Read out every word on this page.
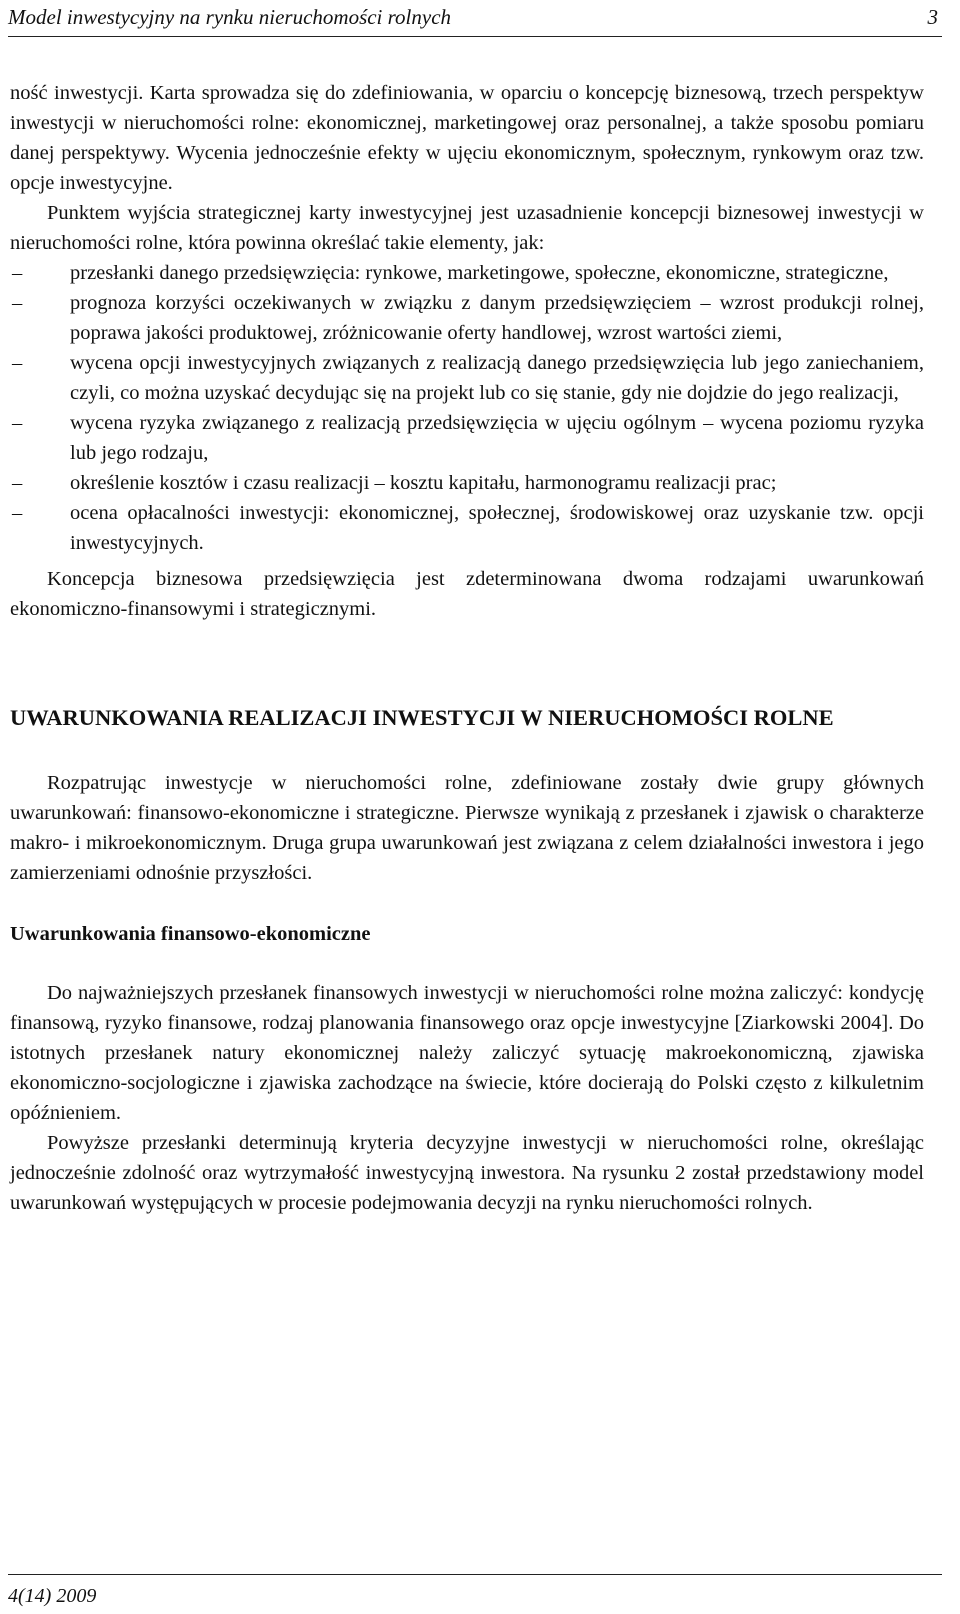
Model inwestycyjny na rynku nieruchomości rolnych	3

ność inwestycji. Karta sprowadza się do zdefiniowania, w oparciu o koncepcję biznesową, trzech perspektyw inwestycji w nieruchomości rolne: ekonomicznej, marketingowej oraz personalnej, a także sposobu pomiaru danej perspektywy. Wycenia jednocześnie efekty w ujęciu ekonomicznym, społecznym, rynkowym oraz tzw. opcje inwestycyjne.

Punktem wyjścia strategicznej karty inwestycyjnej jest uzasadnienie koncepcji biznesowej inwestycji w nieruchomości rolne, która powinna określać takie elementy, jak:

–	przesłanki danego przedsięwzięcia: rynkowe, marketingowe, społeczne, ekonomiczne, strategiczne,
–	prognoza korzyści oczekiwanych w związku z danym przedsięwzięciem – wzrost produkcji rolnej, poprawa jakości produktowej, zróżnicowanie oferty handlowej, wzrost wartości ziemi,
–	wycena opcji inwestycyjnych związanych z realizacją danego przedsięwzięcia lub jego zaniechaniem, czyli, co można uzyskać decydując się na projekt lub co się stanie, gdy nie dojdzie do jego realizacji,
–	wycena ryzyka związanego z realizacją przedsięwzięcia w ujęciu ogólnym – wycena poziomu ryzyka lub jego rodzaju,
–	określenie kosztów i czasu realizacji – kosztu kapitału, harmonogramu realizacji prac;
–	ocena opłacalności inwestycji: ekonomicznej, społecznej, środowiskowej oraz uzyskanie tzw. opcji inwestycyjnych.

Koncepcja biznesowa przedsięwzięcia jest zdeterminowana dwoma rodzajami uwarunkowań ekonomiczno-finansowymi i strategicznymi.

UWARUNKOWANIA REALIZACJI INWESTYCJI W NIERUCHOMOŚCI ROLNE

Rozpatrując inwestycje w nieruchomości rolne, zdefiniowane zostały dwie grupy głównych uwarunkowań: finansowo-ekonomiczne i strategiczne. Pierwsze wynikają z przesłanek i zjawisk o charakterze makro- i mikroekonomicznym. Druga grupa uwarunkowań jest związana z celem działalności inwestora i jego zamierzeniami odnośnie przyszłości.

Uwarunkowania finansowo-ekonomiczne

Do najważniejszych przesłanek finansowych inwestycji w nieruchomości rolne można zaliczyć: kondycję finansową, ryzyko finansowe, rodzaj planowania finansowego oraz opcje inwestycyjne [Ziarkowski 2004]. Do istotnych przesłanek natury ekonomicznej należy zaliczyć sytuację makroekonomiczną, zjawiska ekonomiczno-socjologiczne i zjawiska zachodzące na świecie, które docierają do Polski często z kilkuletnim opóźnieniem.

Powyższe przesłanki determinują kryteria decyzyjne inwestycji w nieruchomości rolne, określając jednocześnie zdolność oraz wytrzymałość inwestycyjną inwestora. Na rysunku 2 został przedstawiony model uwarunkowań występujących w procesie podejmowania decyzji na rynku nieruchomości rolnych.

4(14) 2009
